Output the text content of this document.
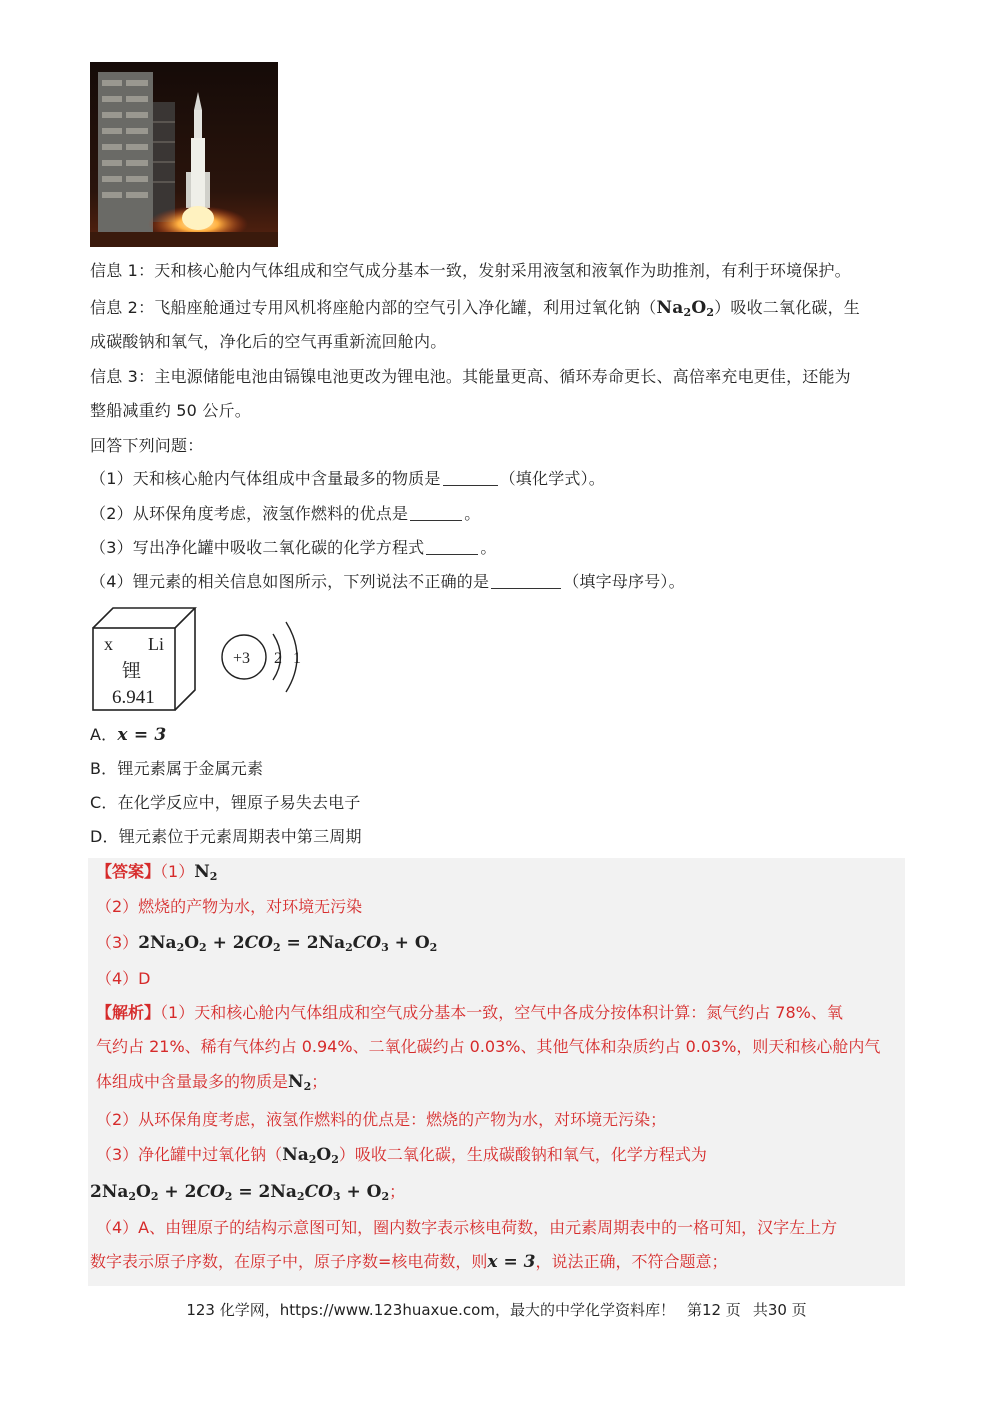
信息 1：天和核心舱内气体组成和空气成分基本一致，发射采用液氢和液氧作为助推剂，有利于环境保护。
信息 2：飞船座舱通过专用风机将座舱内部的空气引入净化罐，利用过氧化钠$(Na_2O_2)$吸收二氧化碳，生
成碳酸钠和氧气，净化后的空气再重新流回舱内。
信息 3：主电源储能电池由镉镍电池更改为锂电池。其能量更高、循环寿命更长、高倍率充电更佳，还能为
整船减重约 50 公斤。
回答下列问题：
（1）天和核心舱内气体组成中含量最多的物质是	（填化学式）。
（2）从环保角度考虑，液氢作燃料的优点是	。
（3）写出净化罐中吸收二氧化碳的化学方程式	。
（4）锂元素的相关信息如图所示，下列说法不正确的是	（填字母序号）。
x Li
锂
6.941
+3 2 1
A．x = 3
B．锂元素属于金属元素
C．在化学反应中，锂原子易失去电子
D．锂元素位于元素周期表中第三周期
【答案】$(1)N_2$
（2）燃烧的产物为水，对环境无污染
$(3)2Na_2O_2 + 2CO_2 = 2Na_2CO_3 + O_2$
（4）D
【解析】（1）天和核心舱内气体组成和空气成分基本一致，空气中各成分按体积计算：氮气约占 78%、氧
气约占 21%、稀有气体约占 0.94%、二氧化碳约占 0.03%、其他气体和杂质约占 0.03%，则天和核心舱内气
体组成中含量最多的物质是$N_2$；
（2）从环保角度考虑，液氢作燃料的优点是：燃烧的产物为水，对环境无污染；
（3）净化罐中过氧化钠$(Na_2O_2)$吸收二氧化碳，生成碳酸钠和氧气，化学方程式为
$2Na_2O_2 + 2CO_2 = 2Na_2CO_3 + O_2$；
（4）A、由锂原子的结构示意图可知，圈内数字表示核电荷数，由元素周期表中的一格可知，汉字左上方
数字表示原子序数，在原子中，原子序数=核电荷数，则x = 3，说法正确，不符合题意；
123 化学网，https://www.123huaxue.com，最大的中学化学资料库！ 第12 页 共30 页
